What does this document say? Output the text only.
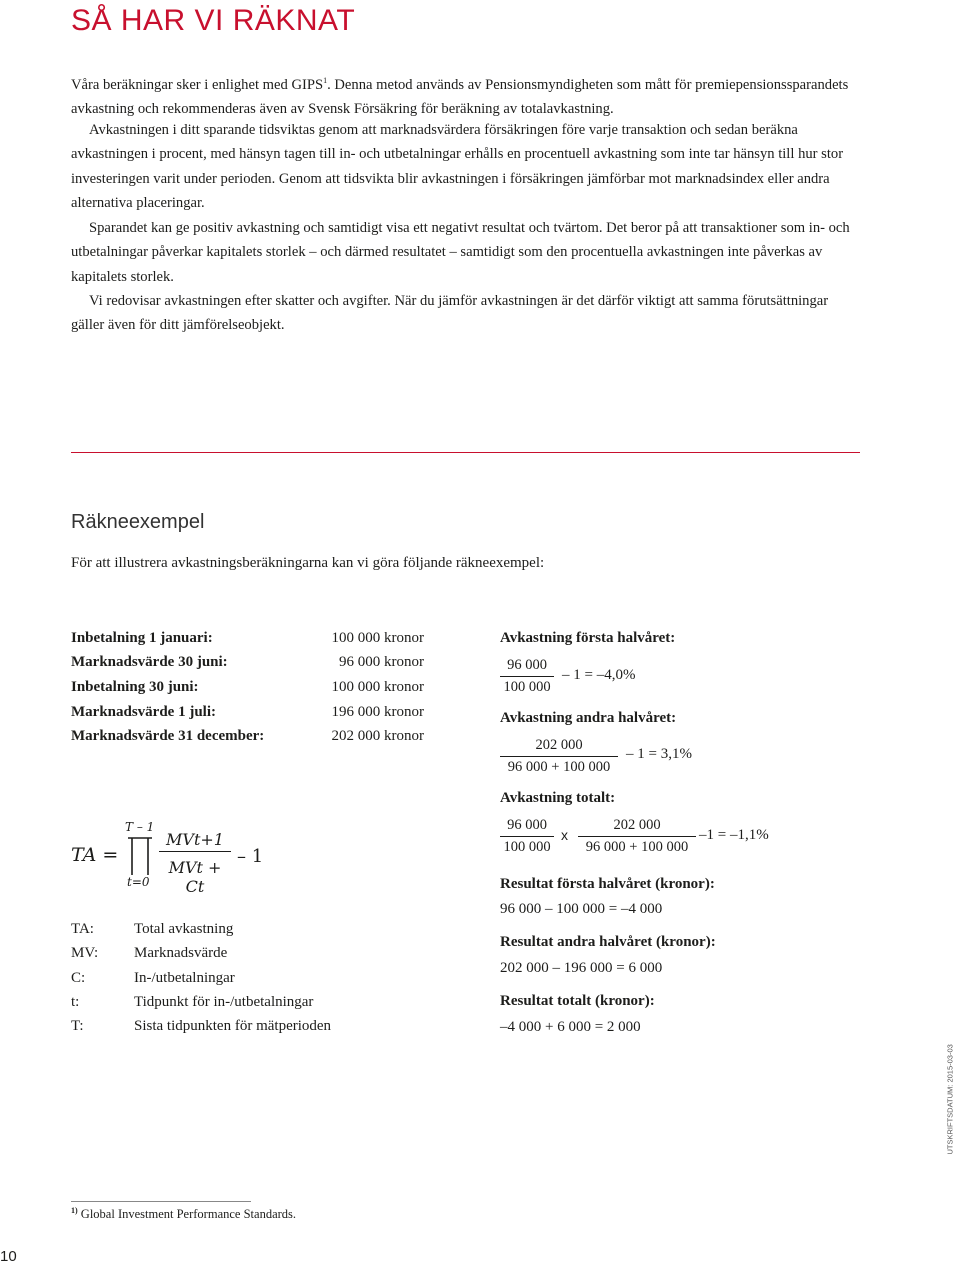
SÅ HAR VI RÄKNAT

Våra beräkningar sker i enlighet med GIPS$^1$. Denna metod används av Pensionsmyndigheten som mått för premiepensionssparandets avkastning och rekommenderas även av Svensk Försäkring för beräkning av totalavkastning.

Avkastningen i ditt sparande tidsviktas genom att marknadsvärdera försäkringen före varje transaktion och sedan beräkna avkastningen i procent, med hänsyn tagen till in- och utbetalningar erhålls en procentuell avkastning som inte tar hänsyn till hur stor investeringen varit under perioden. Genom att tidsvikta blir avkastningen i försäkringen jämförbar mot marknadsindex eller andra alternativa placeringar.

Sparandet kan ge positiv avkastning och samtidigt visa ett negativt resultat och tvärtom. Det beror på att transaktioner som in- och utbetalningar påverkar kapitalets storlek – och därmed resultatet – samtidigt som den procentuella avkastningen inte påverkas av kapitalets storlek.

Vi redovisar avkastningen efter skatter och avgifter. När du jämför avkastningen är det därför viktigt att samma förutsättningar gäller även för ditt jämförelseobjekt.

Räkneexempel
För att illustrera avkastningsberäkningarna kan vi göra följande räkneexempel:
Inbetalning 1 januari:	100 000 kronor
Marknadsvärde 30 juni:	96 000 kronor
Inbetalning 30 juni:	100 000 kronor
Marknadsvärde 1 juli:	196 000 kronor
Marknadsvärde 31 december:	202 000 kronor
Avkastning första halvåret:
$\frac{96 000}{100 000} - 1 = -4,0\%$
Avkastning andra halvåret:
$\frac{202 000}{96 000 + 100 000} - 1 = 3,1\%$
Avkastning totalt:
$\frac{96 000}{100 000}$ x $\frac{202 000}{96 000 + 100 000} -1 = -1,1\%$
Resultat första halvåret (kronor):
96 000 – 100 000 = –4 000
Resultat andra halvåret (kronor):
202 000 – 196 000 = 6 000
Resultat totalt (kronor):
–4 000 + 6 000 = 2 000
TA =
T – 1
t=0
MVt+1
MVt + Ct
– 1
TA:	Total avkastning
MV: Marknadsvärde
C:	In-/utbetalningar
t:	Tidpunkt för in-/utbetalningar
T:	Sista tidpunkten för mätperioden
UTSKRIFTSDATUM: 2015-03-03
$^{1)}$ Global Investment Performance Standards.
10
